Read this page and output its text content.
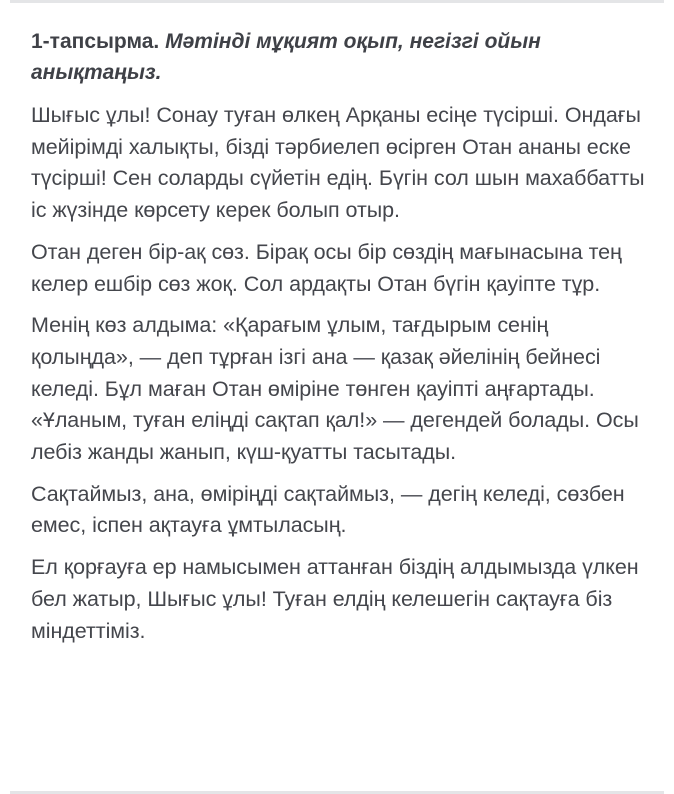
1-тапсырма. Мәтінді мұқият оқып, негізгі ойын анықтаңыз.

Шығыс ұлы! Сонау туған өлкең Арқаны есіңе түсірші. Ондағы мейірімді халықты, бізді тәрбиелеп өсірген Отан ананы еске түсірші! Сен соларды сүйетін едің. Бүгін сол шын махаббатты іс жүзінде көрсету керек болып отыр.

Отан деген бір-ақ сөз. Бірақ осы бір сөздің мағынасына тең келер ешбір сөз жоқ. Сол ардақты Отан бүгін қауіпте тұр.

Менің көз алдыма: «Қарағым ұлым, тағдырым сенің қолыңда», — деп тұрған ізгі ана — қазақ әйелінің бейнесі келеді. Бұл маған Отан өміріне төнген қауіпті аңғартады. «Ұланым, туған еліңді сақтап қал!» — дегендей болады. Осы лебіз жанды жанып, күш-қуатты тасытады.

Сақтаймыз, ана, өміріңді сақтаймыз, — дегің келеді, сөзбен емес, іспен ақтауға ұмтыласың.

Ел қорғауға ер намысымен аттанған біздің алдымызда үлкен бел жатыр, Шығыс ұлы! Туған елдің келешегін сақтауға біз міндеттіміз.
